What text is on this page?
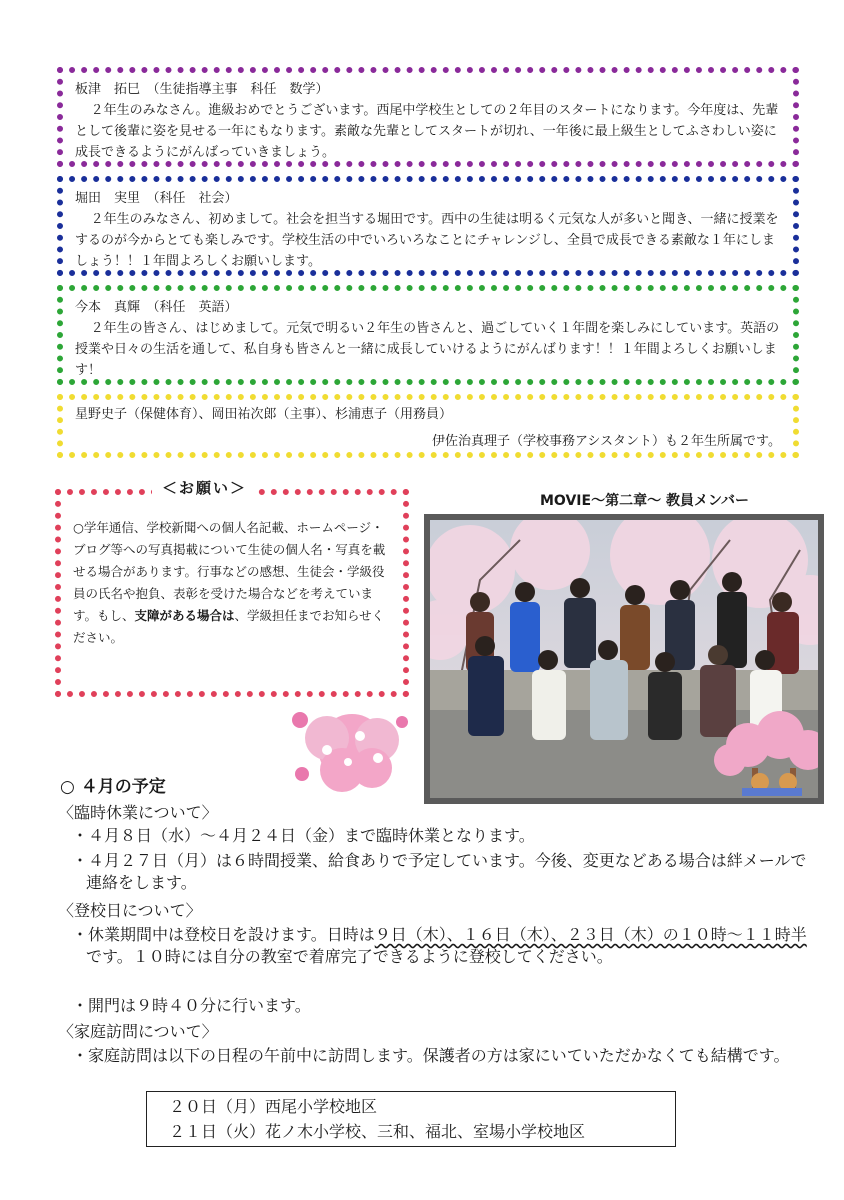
板津　拓巳　（生徒指導主事　科任　数学）
２年生のみなさん。進級おめでとうございます。西尾中学校生としての２年目のスタートになります。今年度は、先輩として後輩に姿を見せる一年にもなります。素敵な先輩としてスタートが切れ、一年後に最上級生としてふさわしい姿に成長できるようにがんばっていきましょう。
堀田　実里　（科任　社会）
２年生のみなさん、初めまして。社会を担当する堀田です。西中の生徒は明るく元気な人が多いと聞き、一緒に授業をするのが今からとても楽しみです。学校生活の中でいろいろなことにチャレンジし、全員で成長できる素敵な１年にしましょう！！１年間よろしくお願いします。
今本　真輝　（科任　英語）
２年生の皆さん、はじめまして。元気で明るい２年生の皆さんと、過ごしていく１年間を楽しみにしています。英語の授業や日々の生活を通して、私自身も皆さんと一緒に成長していけるようにがんばります！！１年間よろしくお願いします！
星野史子（保健体育）、岡田祐次郎（主事）、杉浦恵子（用務員）
伊佐治真理子（学校事務アシスタント）も２年生所属です。
○学年通信、学校新聞への個人名記載、ホームページ・ブログ等への写真掲載について生徒の個人名・写真を載せる場合があります。行事などの感想、生徒会・学級役員の氏名や抱負、表彰を受けた場合などを考えています。もし、支障がある場合は、学級担任までお知らせください。
＜お願い＞
MOVIE～第二章～ 教員メンバー
○ ４月の予定
〈臨時休業について〉
・４月８日（水）～４月２４日（金）まで臨時休業となります。
・４月２７日（月）は６時間授業、給食ありで予定しています。今後、変更などある場合は絆メールで連絡をします。
〈登校日について〉
・休業期間中は登校日を設けます。日時は９日（木）、１６日（木）、２３日（木）の１０時～１１時半です。１０時には自分の教室で着席完了できるように登校してください。
・開門は９時４０分に行います。
〈家庭訪問について〉
・家庭訪問は以下の日程の午前中に訪問します。保護者の方は家にいていただかなくても結構です。
２０日（月）西尾小学校地区
２１日（火）花ノ木小学校、三和、福北、室場小学校地区
